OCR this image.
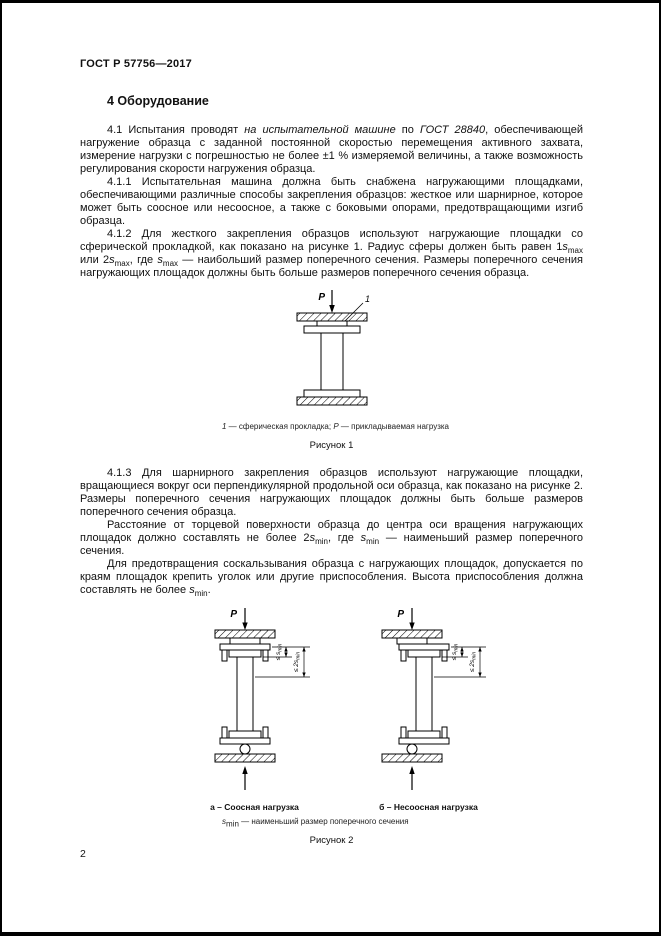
ГОСТ Р 57756—2017
4 Оборудование

4.1 Испытания проводят на испытательной машине по ГОСТ 28840, обеспечивающей нагружение образца с заданной постоянной скоростью перемещения активного захвата, измерение нагрузки с погрешностью не более ±1 % измеряемой величины, а также возможность регулирования скорости нагружения образца.

4.1.1 Испытательная машина должна быть снабжена нагружающими площадками, обеспечивающими различные способы закрепления образцов: жесткое или шарнирное, которое может быть соосное или несоосное, а также с боковыми опорами, предотвращающими изгиб образца.

4.1.2 Для жесткого закрепления образцов используют нагружающие площадки со сферической прокладкой, как показано на рисунке 1. Радиус сферы должен быть равен $1s_{max}$ или $2s_{max}$, где $s_{max}$ — наибольший размер поперечного сечения. Размеры поперечного сечения нагружающих площадок должны быть больше размеров поперечного сечения образца.

P	1
1 — сферическая прокладка; Р — прикладываемая нагрузка
Рисунок 1

4.1.3 Для шарнирного закрепления образцов используют нагружающие площадки, вращающиеся вокруг оси перпендикулярной продольной оси образца, как показано на рисунке 2. Размеры поперечного сечения нагружающих площадок должны быть больше размеров поперечного сечения образца.

Расстояние от торцевой поверхности образца до центра оси вращения нагружающих площадок должно составлять не более $2s_{min}$, где $s_{min}$ — наименьший размер поперечного сечения.

Для предотвращения соскальзывания образца с нагружающих площадок, допускается по краям площадок крепить уголок или другие приспособления. Высота приспособления должна составлять не более $s_{min}$.

P
≤ $s_{min}$
≤ $2s_{min}$
а – Соосная нагрузка
P
≤ $s_{min}$
≤ $2s_{min}$
б – Несоосная нагрузка
$s_{min}$ — наименьший размер поперечного сечения
Рисунок 2
2
